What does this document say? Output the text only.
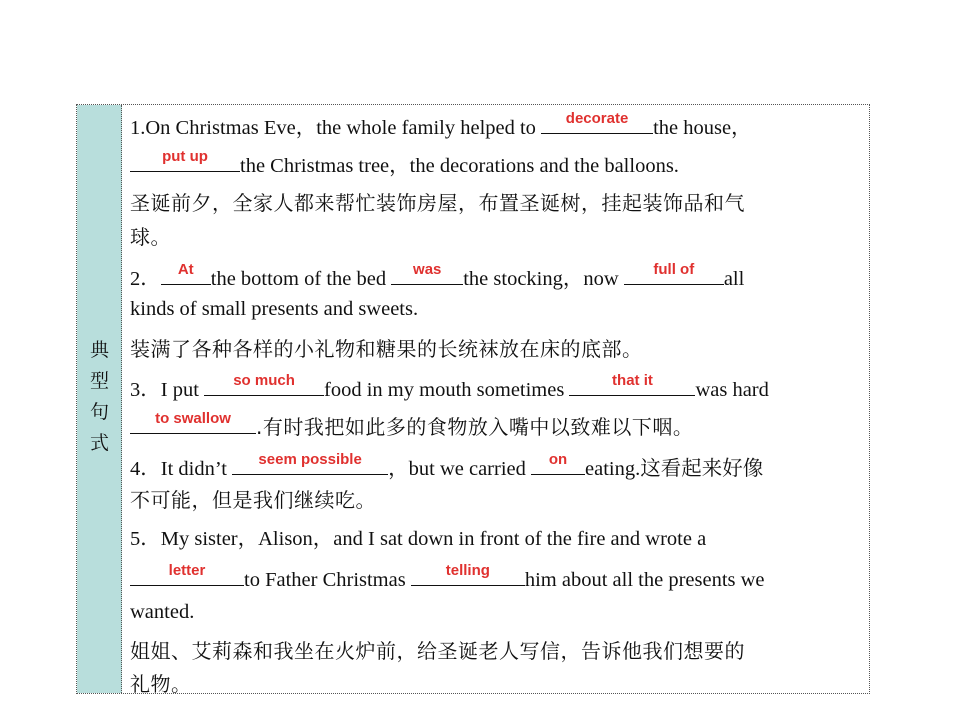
典
型
句
式
1.On Christmas Eve，the whole family helped to	decorate	the house，
put up	the Christmas tree，the decorations and the balloons.
圣诞前夕，全家人都来帮忙装饰房屋，布置圣诞树，挂起装饰品和气
球。
2．	At the bottom of the bed	was	the stocking，now	full of	all
kinds of small presents and sweets.
装满了各种各样的小礼物和糖果的长统袜放在床的底部。
3．I put	so much	food in my mouth sometimes	that it	was hard
to swallow	.有时我把如此多的食物放入嘴中以致难以下咽。
4．It didn’t	seem possible	，but we carried	on eating.这看起来好像
不可能，但是我们继续吃。
5．My sister，Alison，and I sat down in front of the fire and wrote a
letter	to Father Christmas	telling	him about all the presents we
wanted.
姐姐、艾莉森和我坐在火炉前，给圣诞老人写信，告诉他我们想要的
礼物。
